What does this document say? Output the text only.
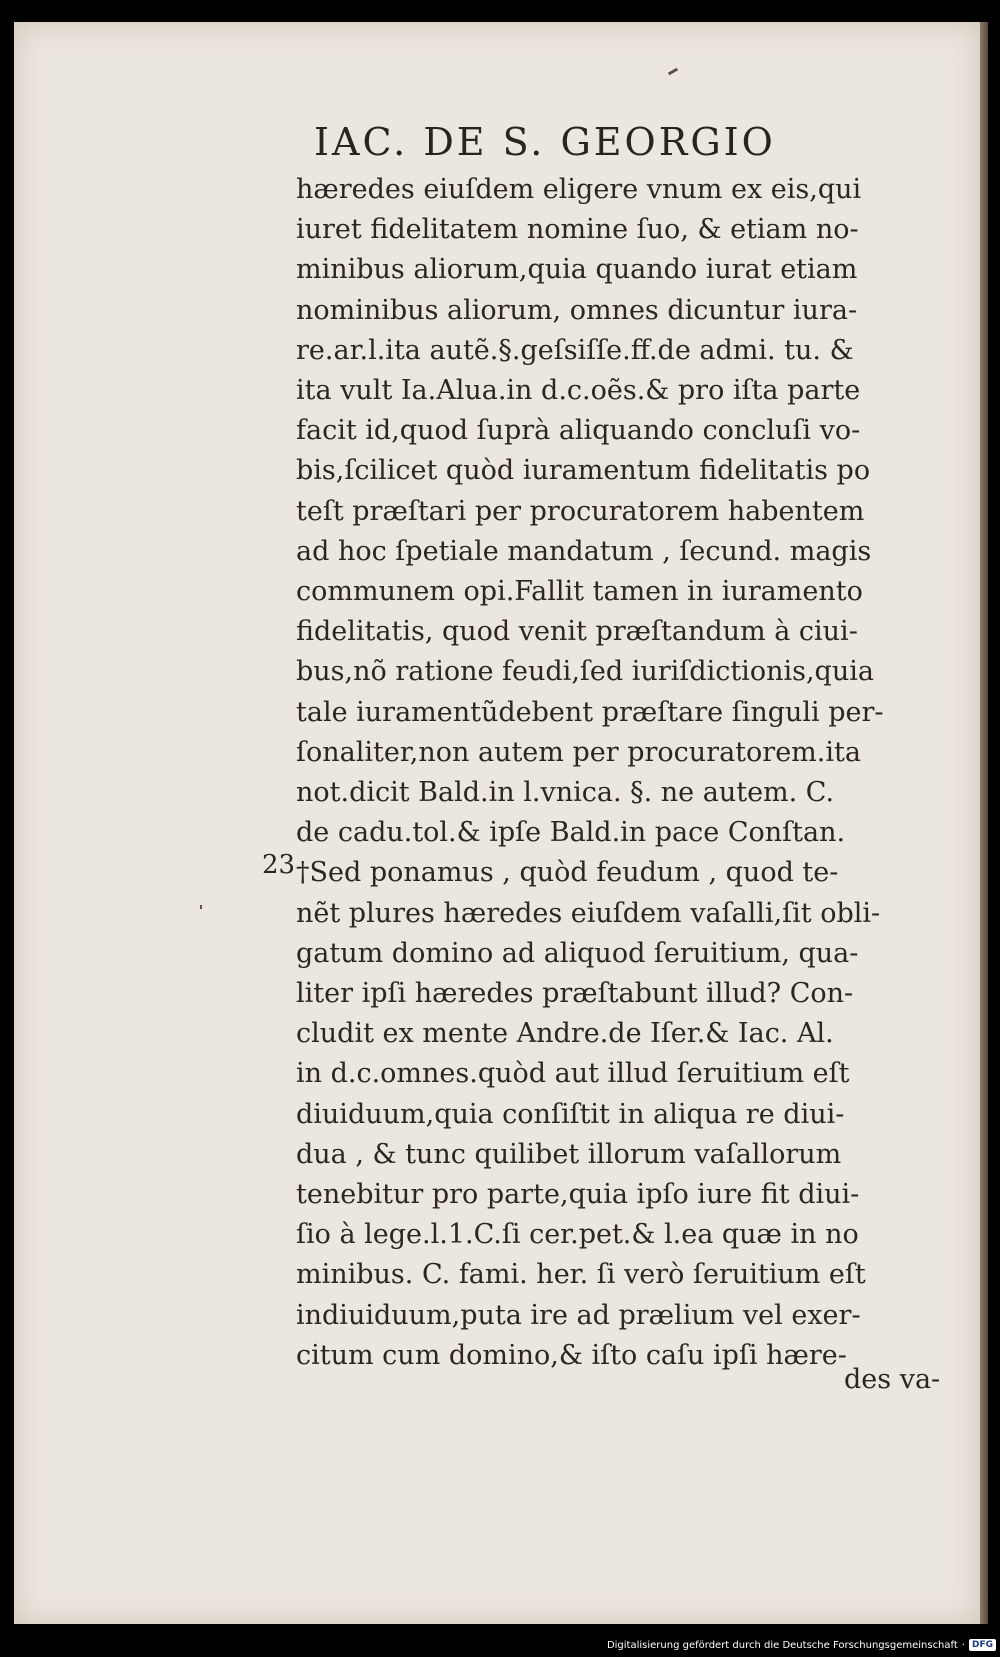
IAC. DE S. GEORGIO
hæredes eiuſdem eligere vnum ex eis,qui
iuret fidelitatem nomine ſuo, & etiam no-
minibus aliorum,quia quando iurat etiam
nominibus aliorum, omnes dicuntur iura-
re.ar.l.ita autẽ.§.geſsiſſe.ff.de admi. tu. &
ita vult Ia.Alua.in d.c.oẽs.& pro iſta parte
facit id,quod ſuprà aliquando concluſi vo-
bis,ſcilicet quòd iuramentum fidelitatis po
teſt præſtari per procuratorem habentem
ad hoc ſpetiale mandatum , ſecund. magis
communem opi.Fallit tamen in iuramento
fidelitatis, quod venit præſtandum à ciui-
bus,nõ ratione feudi,ſed iuriſdictionis,quia
tale iuramentũdebent præſtare ſinguli per-
ſonaliter,non autem per procuratorem.ita
not.dicit Bald.in l.vnica. §. ne autem. C.
de cadu.tol.& ipſe Bald.in pace Conſtan.
†Sed ponamus , quòd feudum , quod te-
nẽt plures hæredes eiuſdem vaſalli,ſit obli-
gatum domino ad aliquod ſeruitium, qua-
liter ipſi hæredes præſtabunt illud? Con-
cludit ex mente Andre.de Iſer.& Iac. Al.
in d.c.omnes.quòd aut illud ſeruitium eſt
diuiduum,quia conſiſtit in aliqua re diui-
dua , & tunc quilibet illorum vaſallorum
tenebitur pro parte,quia ipſo iure fit diui-
ſio à lege.l.1.C.ſi cer.pet.& l.ea quæ in no
minibus. C. fami. her. ſi verò ſeruitium eſt
indiuiduum,puta ire ad prælium vel exer-
citum cum domino,& iſto caſu ipſi hære-
23
des va-
Digitalisierung gefördert durch die Deutsche Forschungsgemeinschaft · DFG
